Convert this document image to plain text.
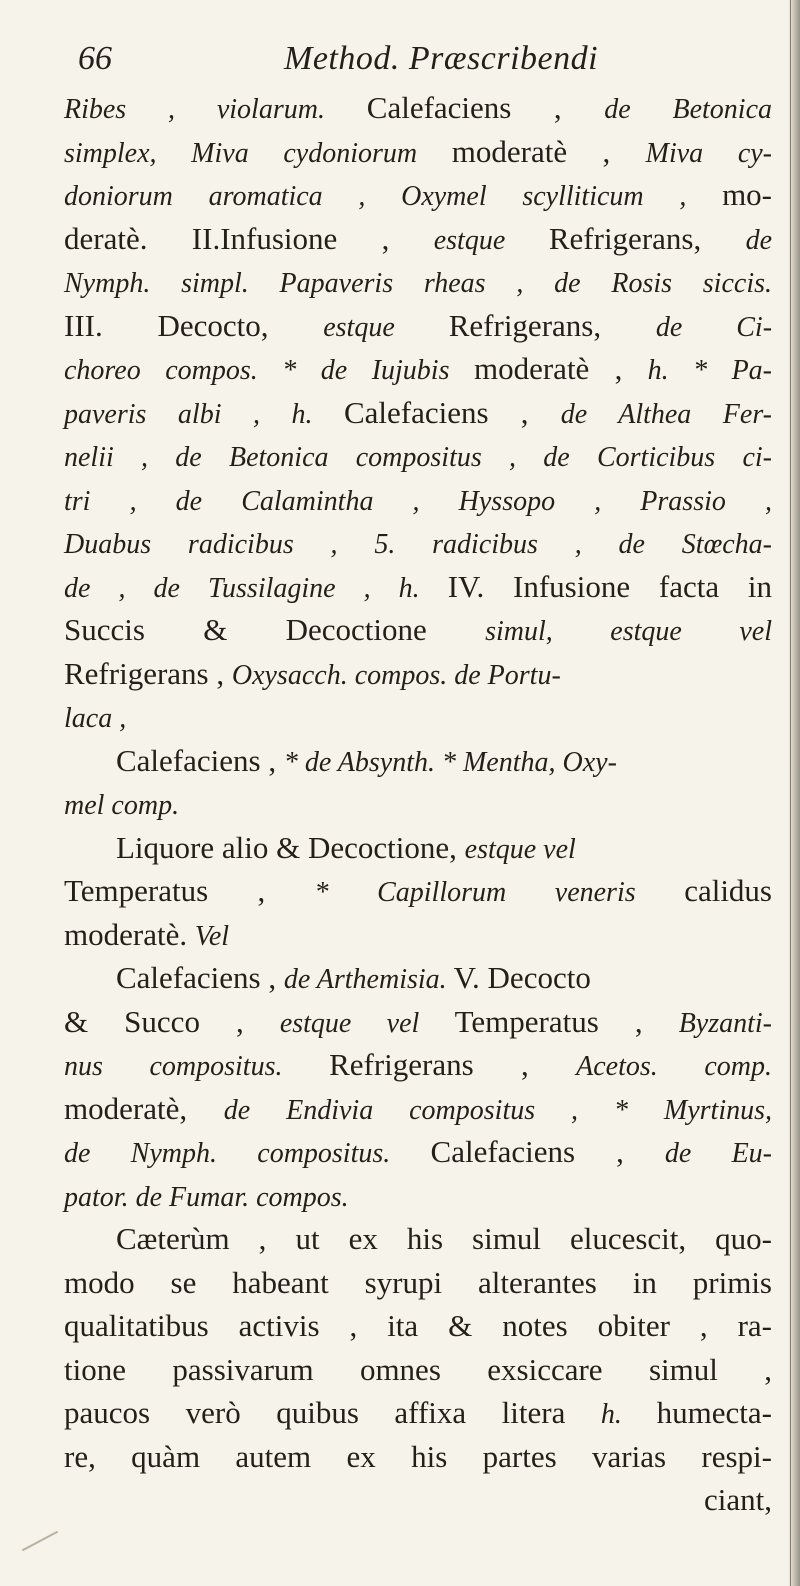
66	Method. Præscribendi
Ribes , violarum. Calefaciens , de Betonica
simplex, Miva cydoniorum moderatè , Miva cy-
doniorum aromatica , Oxymel scylliticum , mo-
deratè. II.Infusione , estque Refrigerans, de
Nymph. simpl. Papaveris rheas , de Rosis siccis.
III. Decocto, estque Refrigerans, de Ci-
choreo compos. * de Iujubis moderatè , h. * Pa-
paveris albi , h. Calefaciens , de Althea Fer-
nelii , de Betonica compositus , de Corticibus ci-
tri , de Calamintha , Hyssopo , Prassio ,
Duabus radicibus , 5. radicibus , de Stœcha-
de , de Tussilagine , h. IV. Infusione facta in
Succis & Decoctione simul, estque vel
Refrigerans , Oxysacch. compos. de Portu-
laca ,
Calefaciens , * de Absynth. * Mentha, Oxy-
mel comp.
Liquore alio & Decoctione, estque vel
Temperatus , * Capillorum veneris calidus
moderatè. Vel
Calefaciens , de Arthemisia. V. Decocto
& Succo , estque vel Temperatus , Byzanti-
nus compositus. Refrigerans , Acetos. comp.
moderatè, de Endivia compositus , * Myrtinus,
de Nymph. compositus. Calefaciens , de Eu-
pator. de Fumar. compos.
Cæterùm , ut ex his simul elucescit, quo-
modo se habeant syrupi alterantes in primis
qualitatibus activis , ita & notes obiter , ra-
tione passivarum omnes exsiccare simul ,
paucos verò quibus affixa litera h. humecta-
re, quàm autem ex his partes varias respi-
ciant,
